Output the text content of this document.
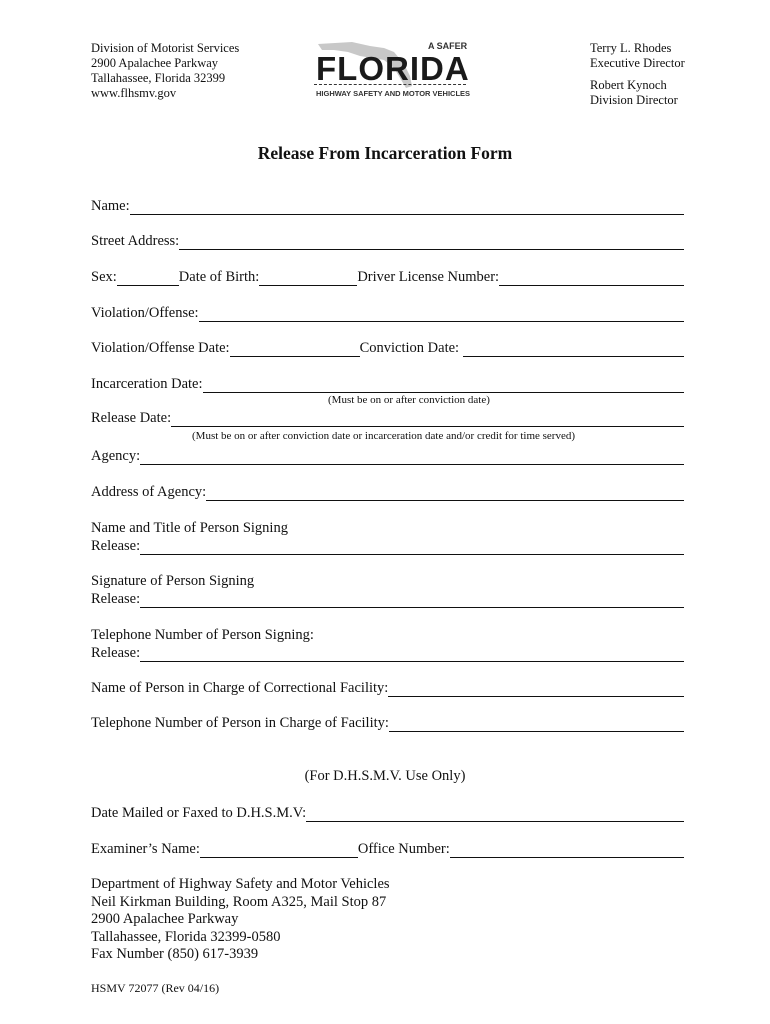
Division of Motorist Services
2900 Apalachee Parkway
Tallahassee, Florida 32399
www.flhsmv.gov
A SAFER
FLORIDA
HIGHWAY SAFETY AND MOTOR VEHICLES
Terry L. Rhodes
Executive Director
Robert Kynoch
Division Director
Release From Incarceration Form
Name:
Street Address:
Sex:	Date of Birth:	Driver License Number:
Violation/Offense:
Violation/Offense Date:	Conviction Date:
Incarceration Date:
(Must be on or after conviction date)
Release Date:
(Must be on or after conviction date or incarceration date and/or credit for time served)
Agency:
Address of Agency:
Name and Title of Person Signing
Release:
Signature of Person Signing
Release:
Telephone Number of Person Signing:
Release:
Name of Person in Charge of Correctional Facility:
Telephone Number of Person in Charge of Facility:
(For D.H.S.M.V. Use Only)
Date Mailed or Faxed to D.H.S.M.V:
Examiner’s Name:	Office Number:
Department of Highway Safety and Motor Vehicles
Neil Kirkman Building, Room A325, Mail Stop 87
2900 Apalachee Parkway
Tallahassee, Florida 32399-0580
Fax Number (850) 617-3939
HSMV 72077 (Rev 04/16)
